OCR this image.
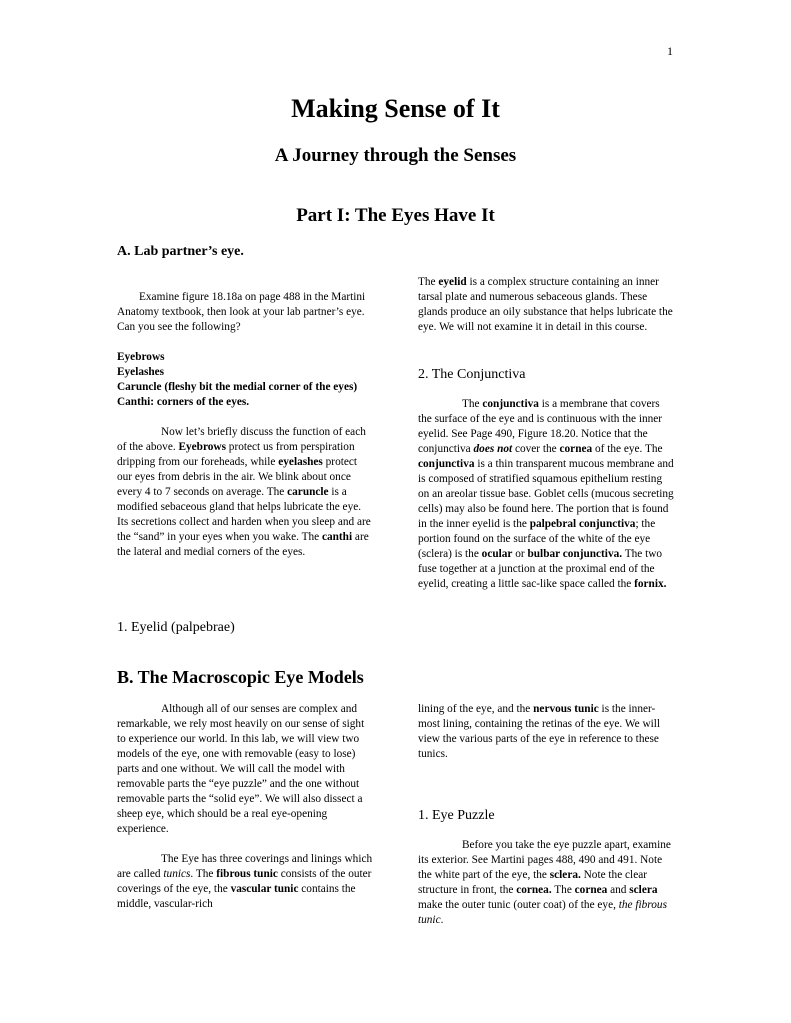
1
Making Sense of It
A Journey through the Senses
Part I: The Eyes Have It
A. Lab partner’s eye.

Examine figure 18.18a on page 488 in the Martini Anatomy textbook, then look at your lab partner’s eye. Can you see the following?

Eyebrows

Eyelashes

Caruncle (fleshy bit the medial corner of the eyes)

Canthi: corners of the eyes.

Now let’s briefly discuss the function of each of the above. Eyebrows protect us from perspiration dripping from our foreheads, while eyelashes protect our eyes from debris in the air. We blink about once every 4 to 7 seconds on average. The caruncle is a modified sebaceous gland that helps lubricate the eye. Its secretions collect and harden when you sleep and are the “sand” in your eyes when you wake. The canthi are the lateral and medial corners of the eyes.

1. Eyelid (palpebrae)

The eyelid is a complex structure containing an inner tarsal plate and numerous sebaceous glands. These glands produce an oily substance that helps lubricate the eye. We will not examine it in detail in this course.

2. The Conjunctiva

The conjunctiva is a membrane that covers the surface of the eye and is continuous with the inner eyelid. See Page 490, Figure 18.20. Notice that the conjunctiva does not cover the cornea of the eye. The conjunctiva is a thin transparent mucous membrane and is composed of stratified squamous epithelium resting on an areolar tissue base. Goblet cells (mucous secreting cells) may also be found here. The portion that is found in the inner eyelid is the palpebral conjunctiva; the portion found on the surface of the white of the eye (sclera) is the ocular or bulbar conjunctiva. The two fuse together at a junction at the proximal end of the eyelid, creating a little sac-like space called the fornix.

B. The Macroscopic Eye Models

Although all of our senses are complex and remarkable, we rely most heavily on our sense of sight to experience our world. In this lab, we will view two models of the eye, one with removable (easy to lose) parts and one without. We will call the model with removable parts the “eye puzzle” and the one without removable parts the “solid eye”. We will also dissect a sheep eye, which should be a real eye-opening experience.

The Eye has three coverings and linings which are called tunics. The fibrous tunic consists of the outer coverings of the eye, the vascular tunic contains the middle, vascular-rich

lining of the eye, and the nervous tunic is the inner-most lining, containing the retinas of the eye. We will view the various parts of the eye in reference to these tunics.

1. Eye Puzzle

Before you take the eye puzzle apart, examine its exterior. See Martini pages 488, 490 and 491. Note the white part of the eye, the sclera. Note the clear structure in front, the cornea. The cornea and sclera make the outer tunic (outer coat) of the eye, the fibrous tunic.
